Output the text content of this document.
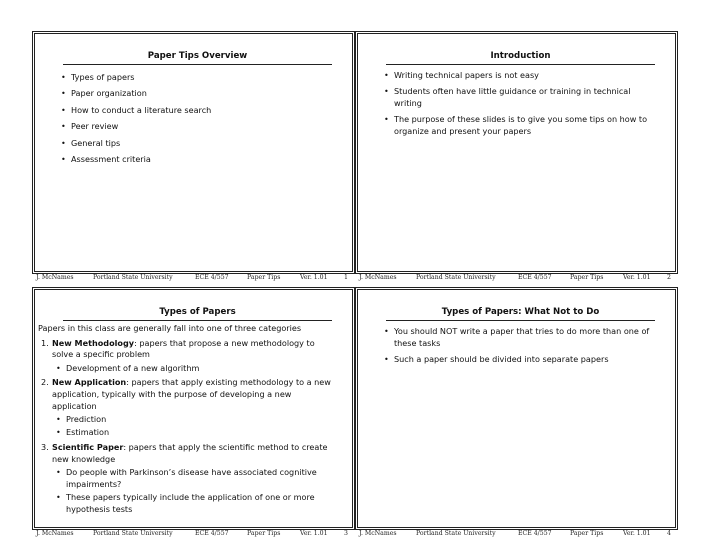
Paper Tips Overview
• Types of papers
• Paper organization
• How to conduct a literature search
• Peer review
• General tips
• Assessment criteria
Introduction
• Writing technical papers is not easy
• Students often have little guidance or training in technical writing
• The purpose of these slides is to give you some tips on how to organize and present your papers
J. McNames	Portland State University	ECE 4/557	Paper Tips	Ver. 1.01	1 J. McNames	Portland State University	ECE 4/557	Paper Tips	Ver. 1.01	2
Types of Papers

Papers in this class are generally fall into one of three categories

1. New Methodology: papers that propose a new methodology to solve a specific problem
• Development of a new algorithm
2. New Application: papers that apply existing methodology to a new application, typically with the purpose of developing a new application
• Prediction
• Estimation
3. Scientific Paper: papers that apply the scientific method to create new knowledge
• Do people with Parkinson’s disease have associated cognitive impairments?
• These papers typically include the application of one or more hypothesis tests
Types of Papers: What Not to Do
• You should NOT write a paper that tries to do more than one of these tasks
• Such a paper should be divided into separate papers
J. McNames	Portland State University	ECE 4/557	Paper Tips	Ver. 1.01	3 J. McNames	Portland State University	ECE 4/557	Paper Tips	Ver. 1.01	4
